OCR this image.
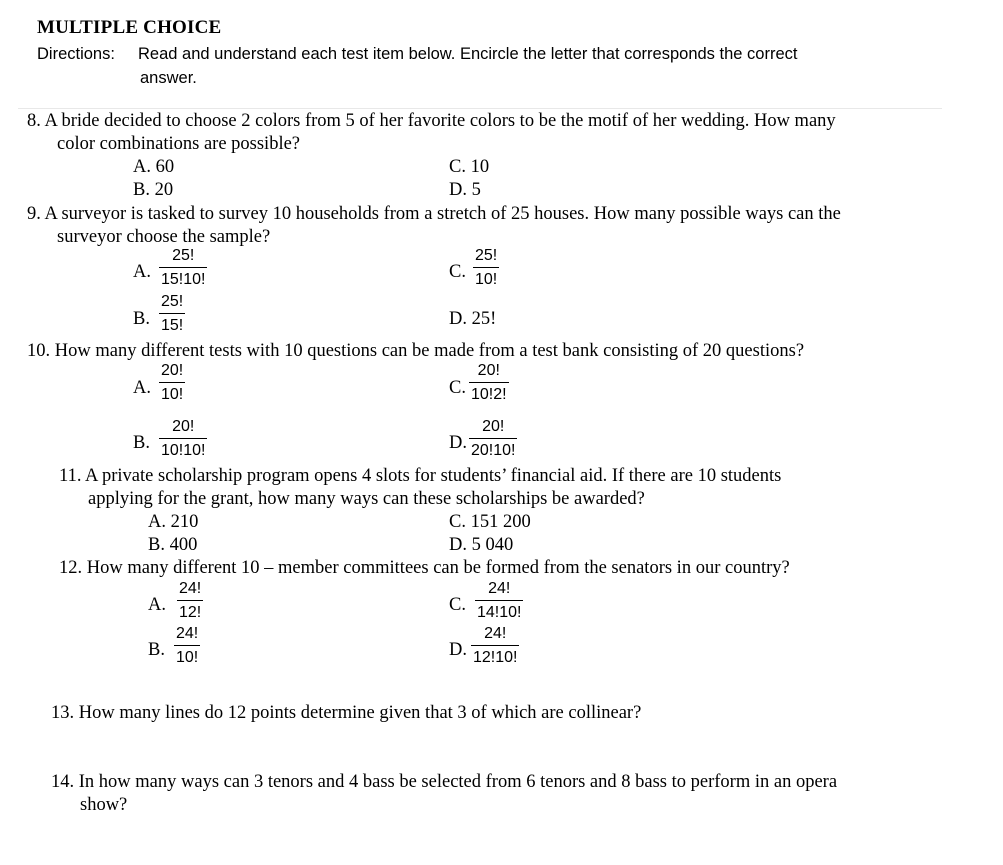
MULTIPLE CHOICE
Directions: Read and understand each test item below. Encircle the letter that corresponds the correct
answer.
8. A bride decided to choose 2 colors from 5 of her favorite colors to be the motif of her wedding. How many
color combinations are possible?
A. 60
B. 20
C. 10
D. 5
9. A surveyor is tasked to survey 10 households from a stretch of 25 houses. How many possible ways can the
surveyor choose the sample?
A.
25!
15!10!
B.
25!
15!
C.
25!
10!
D. 25!
10. How many different tests with 10 questions can be made from a test bank consisting of 20 questions?
A.
20!
10!
B.
20!
10!10!
C.
20!
10!2!
D.
20!
20!10!
11. A private scholarship program opens 4 slots for students’ financial aid. If there are 10 students
applying for the grant, how many ways can these scholarships be awarded?
A. 210
B. 400
C. 151 200
D. 5 040
12. How many different 10 – member committees can be formed from the senators in our country?
A.
24!
12!
B.
24!
10!
C.
24!
14!10!
D.
24!
12!10!
13. How many lines do 12 points determine given that 3 of which are collinear?
14. In how many ways can 3 tenors and 4 bass be selected from 6 tenors and 8 bass to perform in an opera
show?
